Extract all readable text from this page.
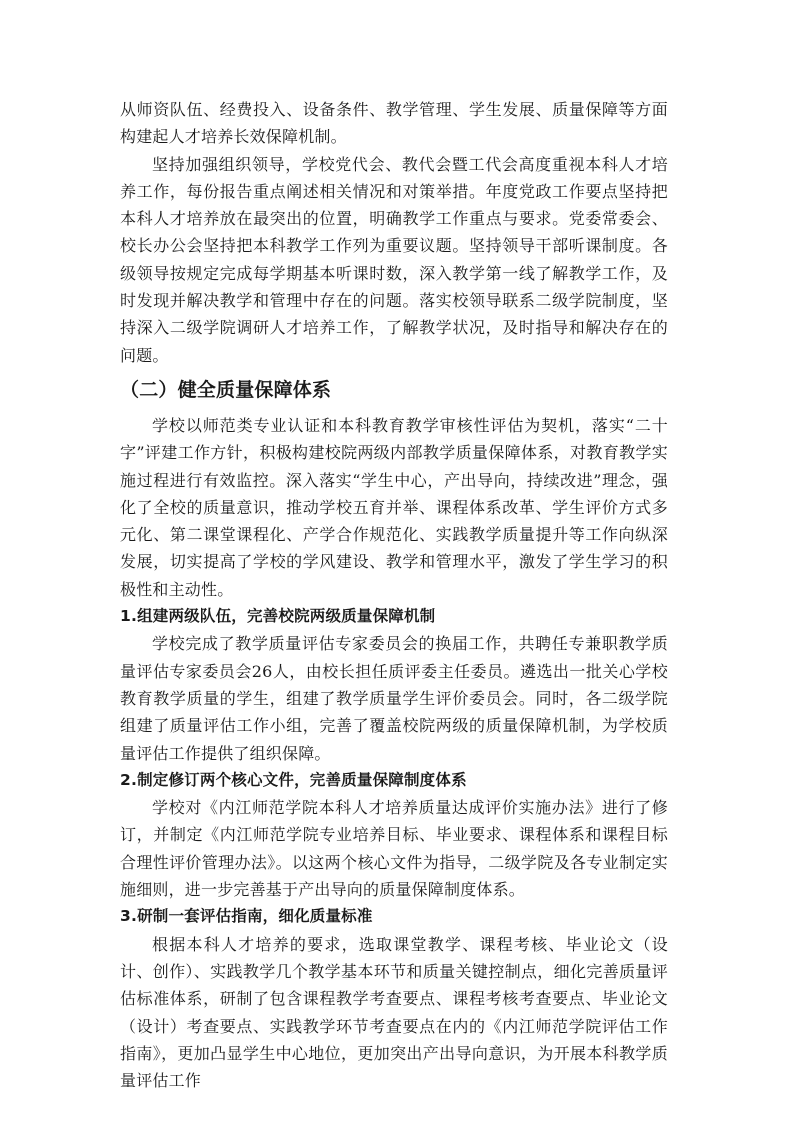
从师资队伍、经费投入、设备条件、教学管理、学生发展、质量保障等方面构建起人才培养长效保障机制。

坚持加强组织领导，学校党代会、教代会暨工代会高度重视本科人才培养工作，每份报告重点阐述相关情况和对策举措。年度党政工作要点坚持把本科人才培养放在最突出的位置，明确教学工作重点与要求。党委常委会、校长办公会坚持把本科教学工作列为重要议题。坚持领导干部听课制度。各级领导按规定完成每学期基本听课时数，深入教学第一线了解教学工作，及时发现并解决教学和管理中存在的问题。落实校领导联系二级学院制度，坚持深入二级学院调研人才培养工作，了解教学状况，及时指导和解决存在的问题。

（二）健全质量保障体系

学校以师范类专业认证和本科教育教学审核性评估为契机，落实“二十字”评建工作方针，积极构建校院两级内部教学质量保障体系，对教育教学实施过程进行有效监控。深入落实“学生中心，产出导向，持续改进”理念，强化了全校的质量意识，推动学校五育并举、课程体系改革、学生评价方式多元化、第二课堂课程化、产学合作规范化、实践教学质量提升等工作向纵深发展，切实提高了学校的学风建设、教学和管理水平，激发了学生学习的积极性和主动性。

1.组建两级队伍，完善校院两级质量保障机制

学校完成了教学质量评估专家委员会的换届工作，共聘任专兼职教学质量评估专家委员会26人，由校长担任质评委主任委员。遴选出一批关心学校教育教学质量的学生，组建了教学质量学生评价委员会。同时，各二级学院组建了质量评估工作小组，完善了覆盖校院两级的质量保障机制，为学校质量评估工作提供了组织保障。

2.制定修订两个核心文件，完善质量保障制度体系

学校对《内江师范学院本科人才培养质量达成评价实施办法》进行了修订，并制定《内江师范学院专业培养目标、毕业要求、课程体系和课程目标合理性评价管理办法》。以这两个核心文件为指导，二级学院及各专业制定实施细则，进一步完善基于产出导向的质量保障制度体系。

3.研制一套评估指南，细化质量标准

根据本科人才培养的要求，选取课堂教学、课程考核、毕业论文（设计、创作）、实践教学几个教学基本环节和质量关键控制点，细化完善质量评估标准体系，研制了包含课程教学考查要点、课程考核考查要点、毕业论文（设计）考查要点、实践教学环节考查要点在内的《内江师范学院评估工作指南》，更加凸显学生中心地位，更加突出产出导向意识，为开展本科教学质量评估工作
